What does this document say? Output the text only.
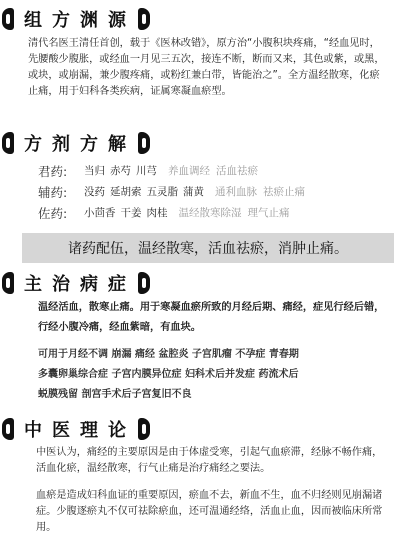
组方渊源

清代名医王清任首创，载于《医林改错》，原方治“小腹积块疼痛，“经血见时，先腰酸少腹胀，或经血一月见三五次，接连不断，断而又来，其色或紫，或黑，或块，或崩漏，兼少腹疼痛，或粉红兼白带，皆能治之”。全方温经散寒，化瘀止痛，用于妇科各类疾病，证属寒凝血瘀型。

方剂方解
君药:	当归 赤芍 川芎 养血调经 活血祛瘀
辅药:	没药 延胡索 五灵脂 蒲黄 通利血脉 祛瘀止痛
佐药:	小茴香 干姜 肉桂 温经散寒除湿 理气止痛
诸药配伍，温经散寒，活血祛瘀，消肿止痛。
主治病症

温经活血，散寒止痛。用于寒凝血瘀所致的月经后期、痛经，症见行经后错，行经小腹冷痛，经血紫暗，有血块。

可用于月经不调 崩漏 痛经 盆腔炎 子宫肌瘤 不孕症 青春期
多囊卵巢综合症 子宫内膜异位症 妇科术后并发症 药流术后
蜕膜残留 剖宫手术后子宫复旧不良
中医理论

中医认为，痛经的主要原因是由于体虚受寒，引起气血瘀滞，经脉不畅作痛，活血化瘀，温经散寒，行气止痛是治疗痛经之要法。

血瘀是造成妇科血证的重要原因，瘀血不去，新血不生，血不归经则见崩漏诸症。少腹逐瘀丸不仅可祛除瘀血，还可温通经络，活血止血，因而被临床所常用。
